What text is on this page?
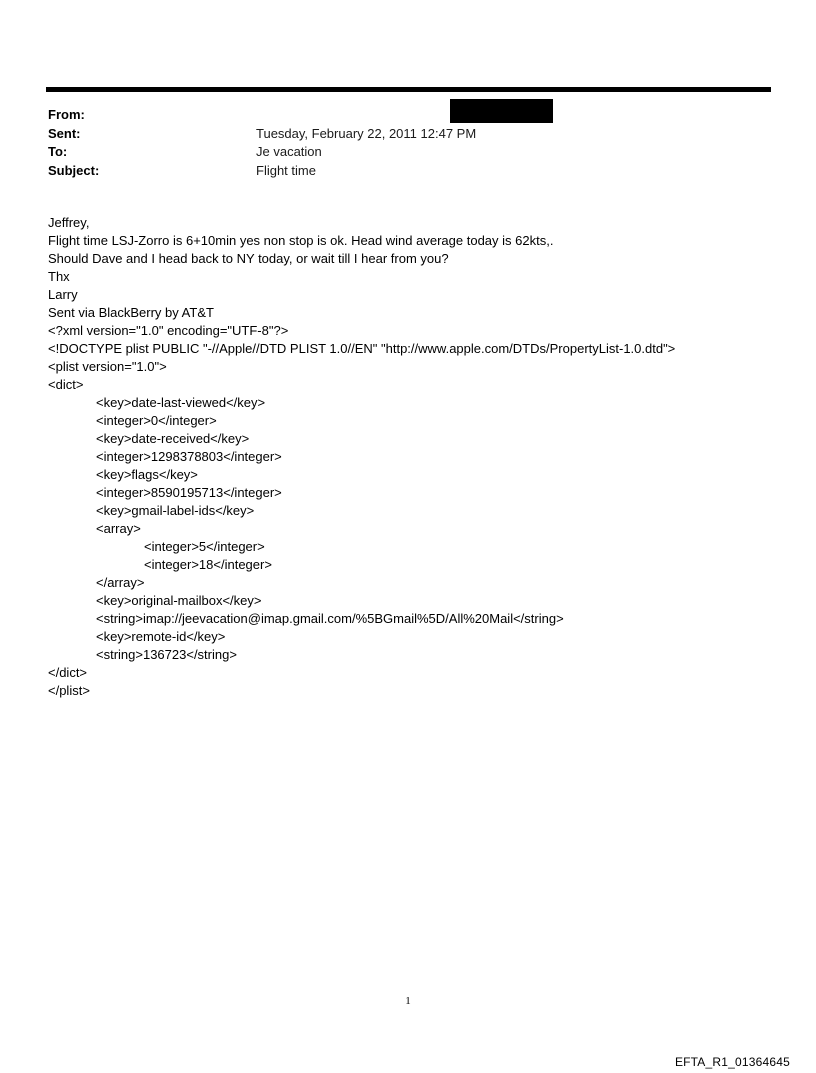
From:
Sent:	Tuesday, February 22, 2011 12:47 PM
To:	Je vacation
Subject:	Flight time
Jeffrey,
Flight time LSJ-Zorro is 6+10min yes non stop is ok. Head wind average today is 62kts,.
Should Dave and I head back to NY today, or wait till I hear from you?
Thx
Larry
Sent via BlackBerry by AT&T
<?xml version="1.0" encoding="UTF-8"?>
<!DOCTYPE plist PUBLIC "-//Apple//DTD PLIST 1.0//EN" "http://www.apple.com/DTDs/PropertyList-1.0.dtd">
<plist version="1.0">
<dict>
<key>date-last-viewed</key>
<integer>0</integer>
<key>date-received</key>
<integer>1298378803</integer>
<key>flags</key>
<integer>8590195713</integer>
<key>gmail-label-ids</key>
<array>
<integer>5</integer>
<integer>18</integer>
</array>
<key>original-mailbox</key>
<string>imap://jeevacation@imap.gmail.com/%5BGmail%5D/All%20Mail</string>
<key>remote-id</key>
<string>136723</string>
</dict>
</plist>
1
EFTA_R1_01364645
